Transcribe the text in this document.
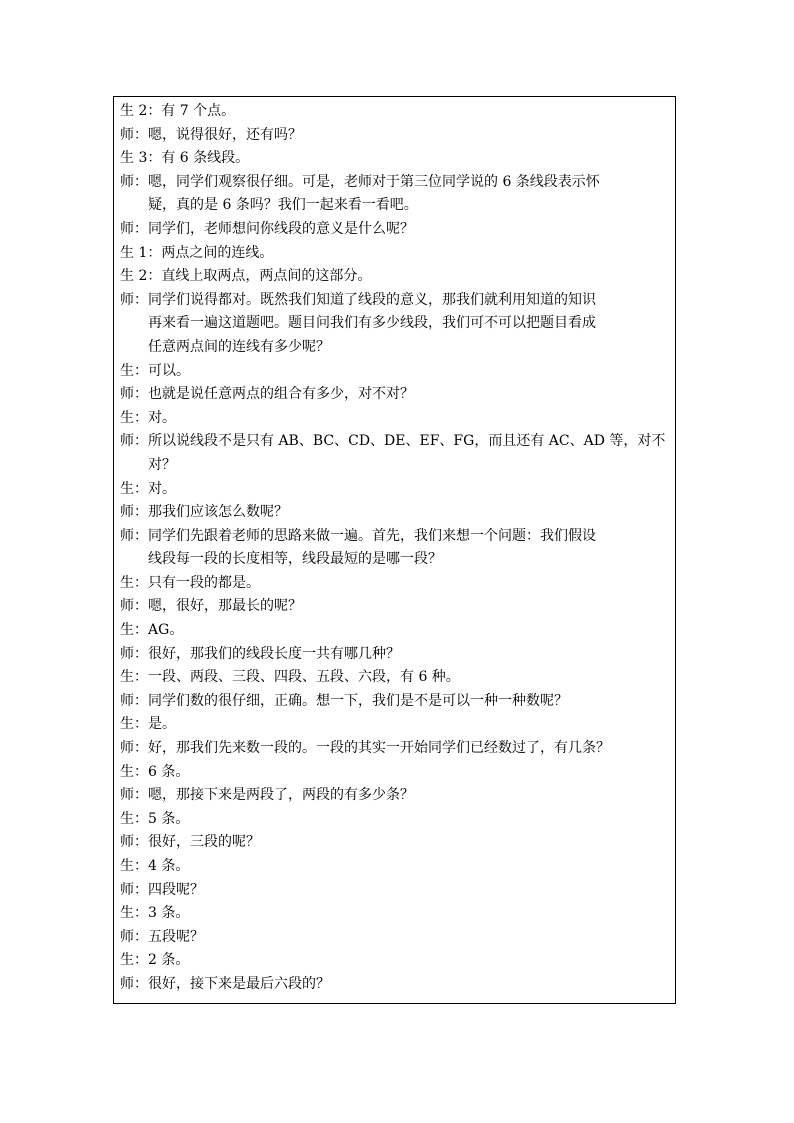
生 2：有 7 个点。
师：嗯，说得很好，还有吗？
生 3：有 6 条线段。
师：嗯，同学们观察很仔细。可是，老师对于第三位同学说的 6 条线段表示怀
疑，真的是 6 条吗？我们一起来看一看吧。
师：同学们，老师想问你线段的意义是什么呢？
生 1：两点之间的连线。
生 2：直线上取两点，两点间的这部分。
师：同学们说得都对。既然我们知道了线段的意义，那我们就利用知道的知识
再来看一遍这道题吧。题目问我们有多少线段，我们可不可以把题目看成
任意两点间的连线有多少呢？
生：可以。
师：也就是说任意两点的组合有多少，对不对？
生：对。
师：所以说线段不是只有 AB、BC、CD、DE、EF、FG，而且还有 AC、AD 等，对不
对？
生：对。
师：那我们应该怎么数呢？
师：同学们先跟着老师的思路来做一遍。首先，我们来想一个问题：我们假设
线段每一段的长度相等，线段最短的是哪一段？
生：只有一段的都是。
师：嗯，很好，那最长的呢？
生：AG。
师：很好，那我们的线段长度一共有哪几种？
生：一段、两段、三段、四段、五段、六段，有 6 种。
师：同学们数的很仔细，正确。想一下，我们是不是可以一种一种数呢？
生：是。
师：好，那我们先来数一段的。一段的其实一开始同学们已经数过了，有几条？
生：6 条。
师：嗯，那接下来是两段了，两段的有多少条？
生：5 条。
师：很好，三段的呢？
生：4 条。
师：四段呢？
生：3 条。
师：五段呢？
生：2 条。
师：很好，接下来是最后六段的？
